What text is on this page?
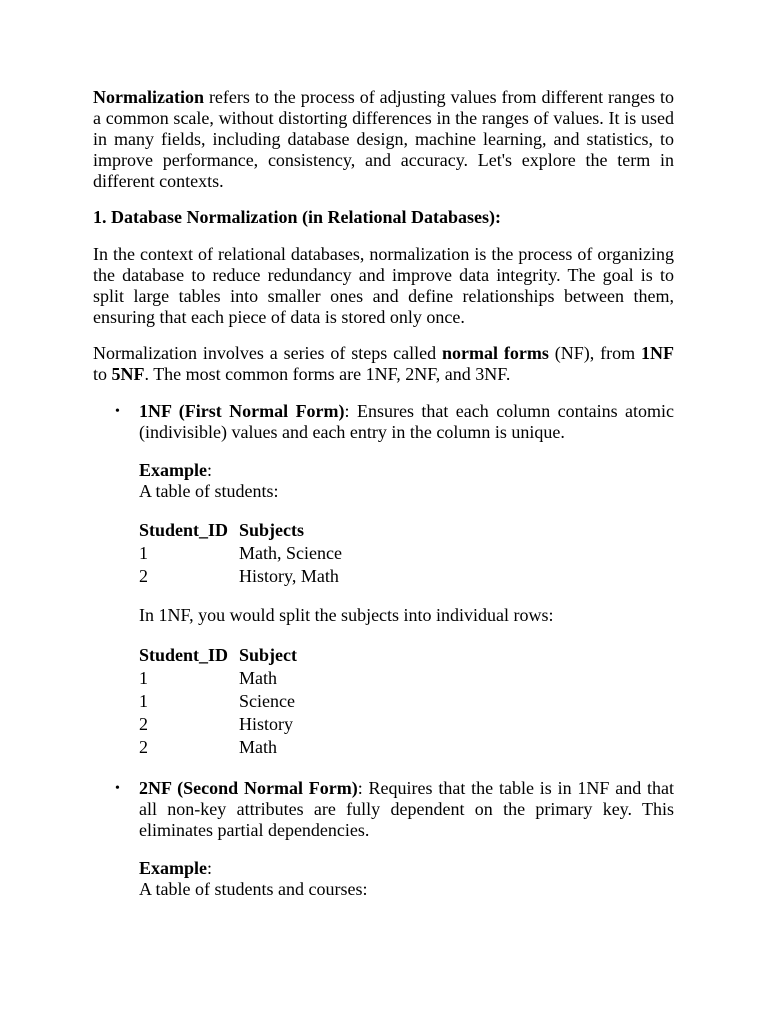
Normalization refers to the process of adjusting values from different ranges to a common scale, without distorting differences in the ranges of values. It is used in many fields, including database design, machine learning, and statistics, to improve performance, consistency, and accuracy. Let's explore the term in different contexts.

1. Database Normalization (in Relational Databases):

In the context of relational databases, normalization is the process of organizing the database to reduce redundancy and improve data integrity. The goal is to split large tables into smaller ones and define relationships between them, ensuring that each piece of data is stored only once.

Normalization involves a series of steps called normal forms (NF), from 1NF to 5NF. The most common forms are 1NF, 2NF, and 3NF.

• 1NF (First Normal Form): Ensures that each column contains atomic (indivisible) values and each entry in the column is unique.

Example:

A table of students:

Student_ID	Subjects
1	Math, Science
2	History, Math

In 1NF, you would split the subjects into individual rows:

Student_ID	Subject
1	Math
1	Science
2	History
2	Math
• 2NF (Second Normal Form): Requires that the table is in 1NF and that all non-key attributes are fully dependent on the primary key. This eliminates partial dependencies.

Example:

A table of students and courses:
